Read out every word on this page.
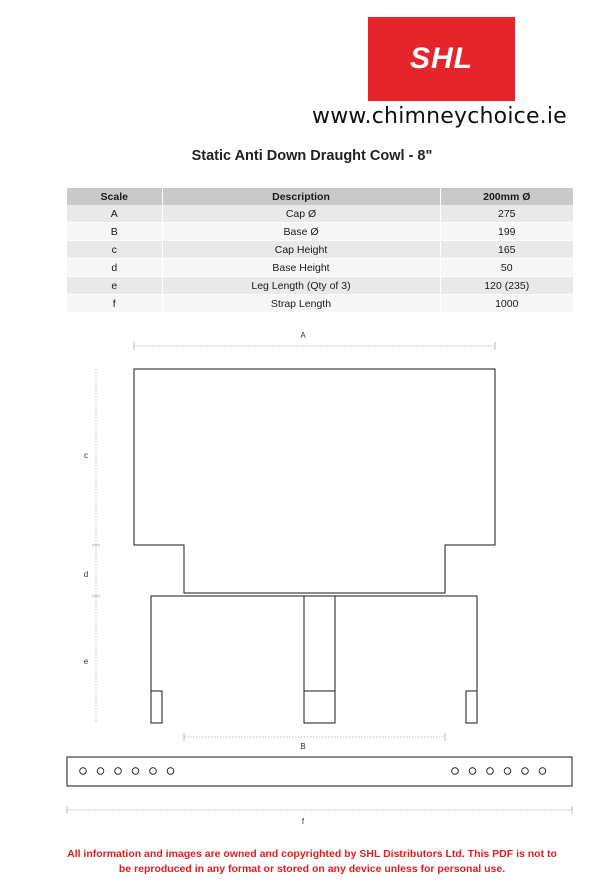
SHL
www.chimneychoice.ie
Static Anti Down Draught Cowl - 8"
Scale	Description	200mm Ø
A	Cap Ø	275
B	Base Ø	199
c	Cap Height	165
d	Base Height	50
e	Leg Length (Qty of 3)	120 (235)
f	Strap Length	1000
A
c
d
e
B
f
All information and images are owned and copyrighted by SHL Distributors Ltd. This PDF is not to
be reproduced in any format or stored on any device unless for personal use.
